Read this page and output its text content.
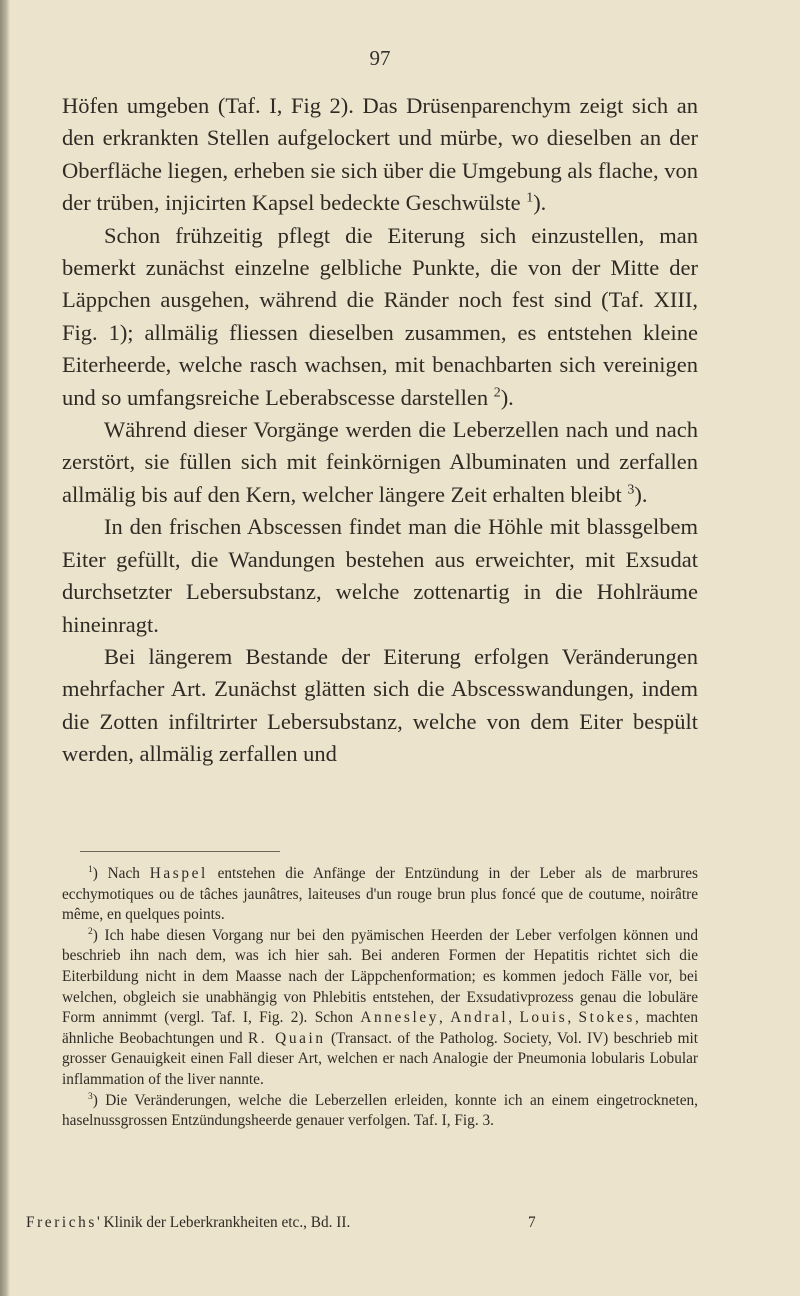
97

Höfen umgeben (Taf. I, Fig 2). Das Drüsenparenchym zeigt sich an den erkrankten Stellen aufgelockert und mürbe, wo dieselben an der Oberfläche liegen, erheben sie sich über die Umgebung als flache, von der trüben, injicirten Kapsel bedeckte Geschwülste $^1$).

Schon frühzeitig pflegt die Eiterung sich einzustellen, man bemerkt zunächst einzelne gelbliche Punkte, die von der Mitte der Läppchen ausgehen, während die Ränder noch fest sind (Taf. XIII, Fig. 1); allmälig fliessen dieselben zusammen, es entstehen kleine Eiterheerde, welche rasch wachsen, mit benachbarten sich vereinigen und so umfangsreiche Leberabscesse darstellen $^2$).

Während dieser Vorgänge werden die Leberzellen nach und nach zerstört, sie füllen sich mit feinkörnigen Albuminaten und zerfallen allmälig bis auf den Kern, welcher längere Zeit erhalten bleibt $^3$).

In den frischen Abscessen findet man die Höhle mit blassgelbem Eiter gefüllt, die Wandungen bestehen aus erweichter, mit Exsudat durchsetzter Lebersubstanz, welche zottenartig in die Hohlräume hineinragt.

Bei längerem Bestande der Eiterung erfolgen Veränderungen mehrfacher Art. Zunächst glätten sich die Abscesswandungen, indem die Zotten infiltrirter Lebersubstanz, welche von dem Eiter bespült werden, allmälig zerfallen und

$^1$) Nach Haspel entstehen die Anfänge der Entzündung in der Leber als de marbrures ecchymotiques ou de tâches jaunâtres, laiteuses d'un rouge brun plus foncé que de coutume, noirâtre même, en quelques points.

$^2$) Ich habe diesen Vorgang nur bei den pyämischen Heerden der Leber verfolgen können und beschrieb ihn nach dem, was ich hier sah. Bei anderen Formen der Hepatitis richtet sich die Eiterbildung nicht in dem Maasse nach der Läppchenformation; es kommen jedoch Fälle vor, bei welchen, obgleich sie unabhängig von Phlebitis entstehen, der Exsudativprozess genau die lobuläre Form annimmt (vergl. Taf. I, Fig. 2). Schon Annesley, Andral, Louis, Stokes, machten ähnliche Beobachtungen und R. Quain (Transact. of the Patholog. Society, Vol. IV) beschrieb mit grosser Genauigkeit einen Fall dieser Art, welchen er nach Analogie der Pneumonia lobularis Lobular inflammation of the liver nannte.

$^3$) Die Veränderungen, welche die Leberzellen erleiden, konnte ich an einem eingetrockneten, haselnussgrossen Entzündungsheerde genauer verfolgen. Taf. I, Fig. 3.

Frerichs' Klinik der Leberkrankheiten etc., Bd. II.	7
